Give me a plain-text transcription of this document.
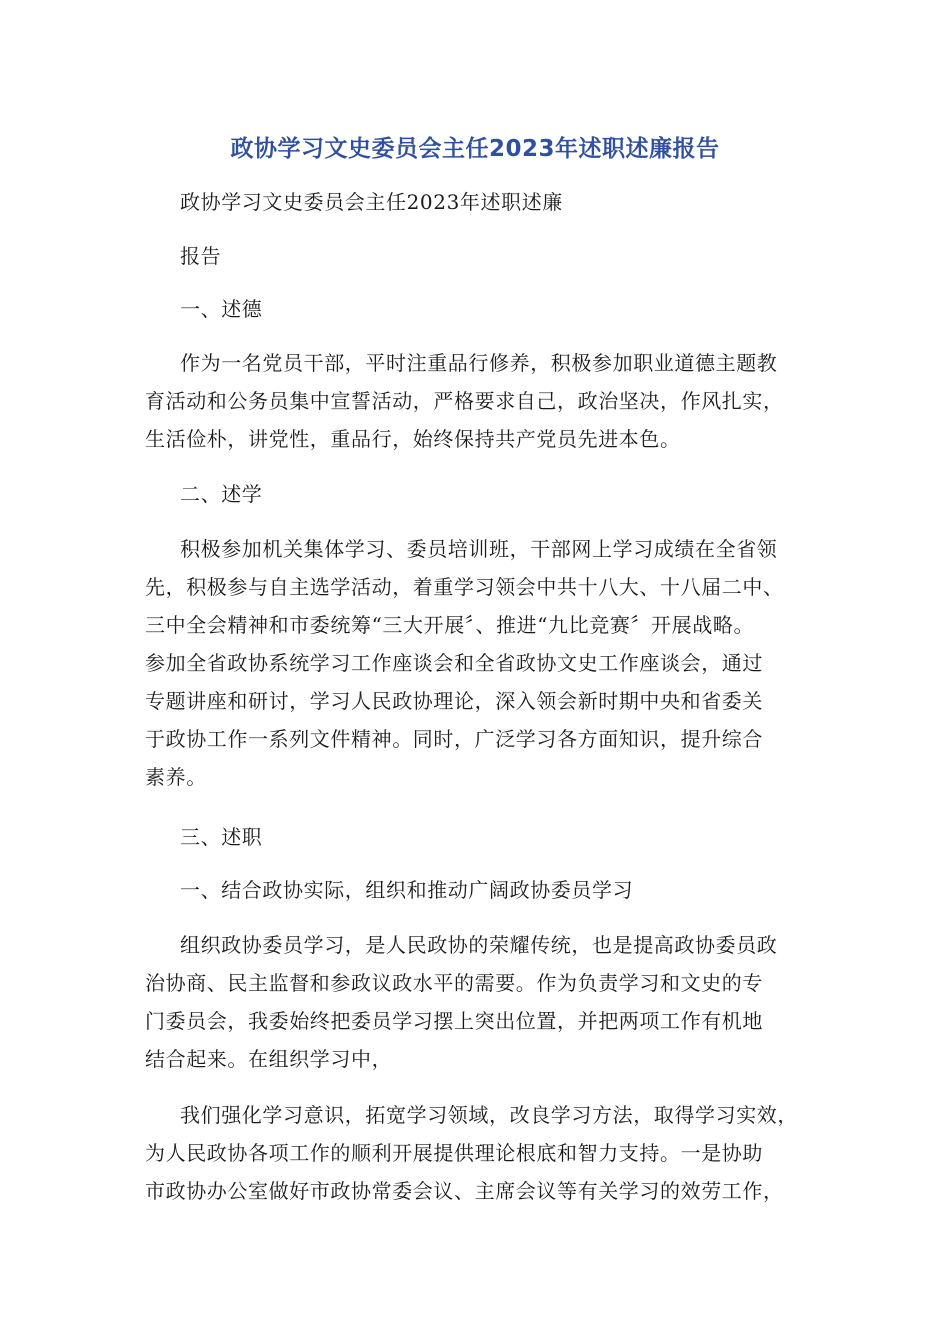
政协学习文史委员会主任2023年述职述廉报告
政协学习文史委员会主任2023年述职述廉
报告
一、述德
作为一名党员干部，平时注重品行修养，积极参加职业道德主题教
育活动和公务员集中宣誓活动，严格要求自己，政治坚决，作风扎实，
生活俭朴，讲党性，重品行，始终保持共产党员先进本色。
二、述学
积极参加机关集体学习、委员培训班，干部网上学习成绩在全省领
先，积极参与自主选学活动，着重学习领会中共十八大、十八届二中、
三中全会精神和市委统筹“三大开展〞、推进“九比竞赛〞开展战略。
参加全省政协系统学习工作座谈会和全省政协文史工作座谈会，通过
专题讲座和研讨，学习人民政协理论，深入领会新时期中央和省委关
于政协工作一系列文件精神。同时，广泛学习各方面知识，提升综合
素养。
三、述职
一、结合政协实际，组织和推动广阔政协委员学习
组织政协委员学习，是人民政协的荣耀传统，也是提高政协委员政
治协商、民主监督和参政议政水平的需要。作为负责学习和文史的专
门委员会，我委始终把委员学习摆上突出位置，并把两项工作有机地
结合起来。在组织学习中，
我们强化学习意识，拓宽学习领域，改良学习方法，取得学习实效，
为人民政协各项工作的顺利开展提供理论根底和智力支持。一是协助
市政协办公室做好市政协常委会议、主席会议等有关学习的效劳工作，
